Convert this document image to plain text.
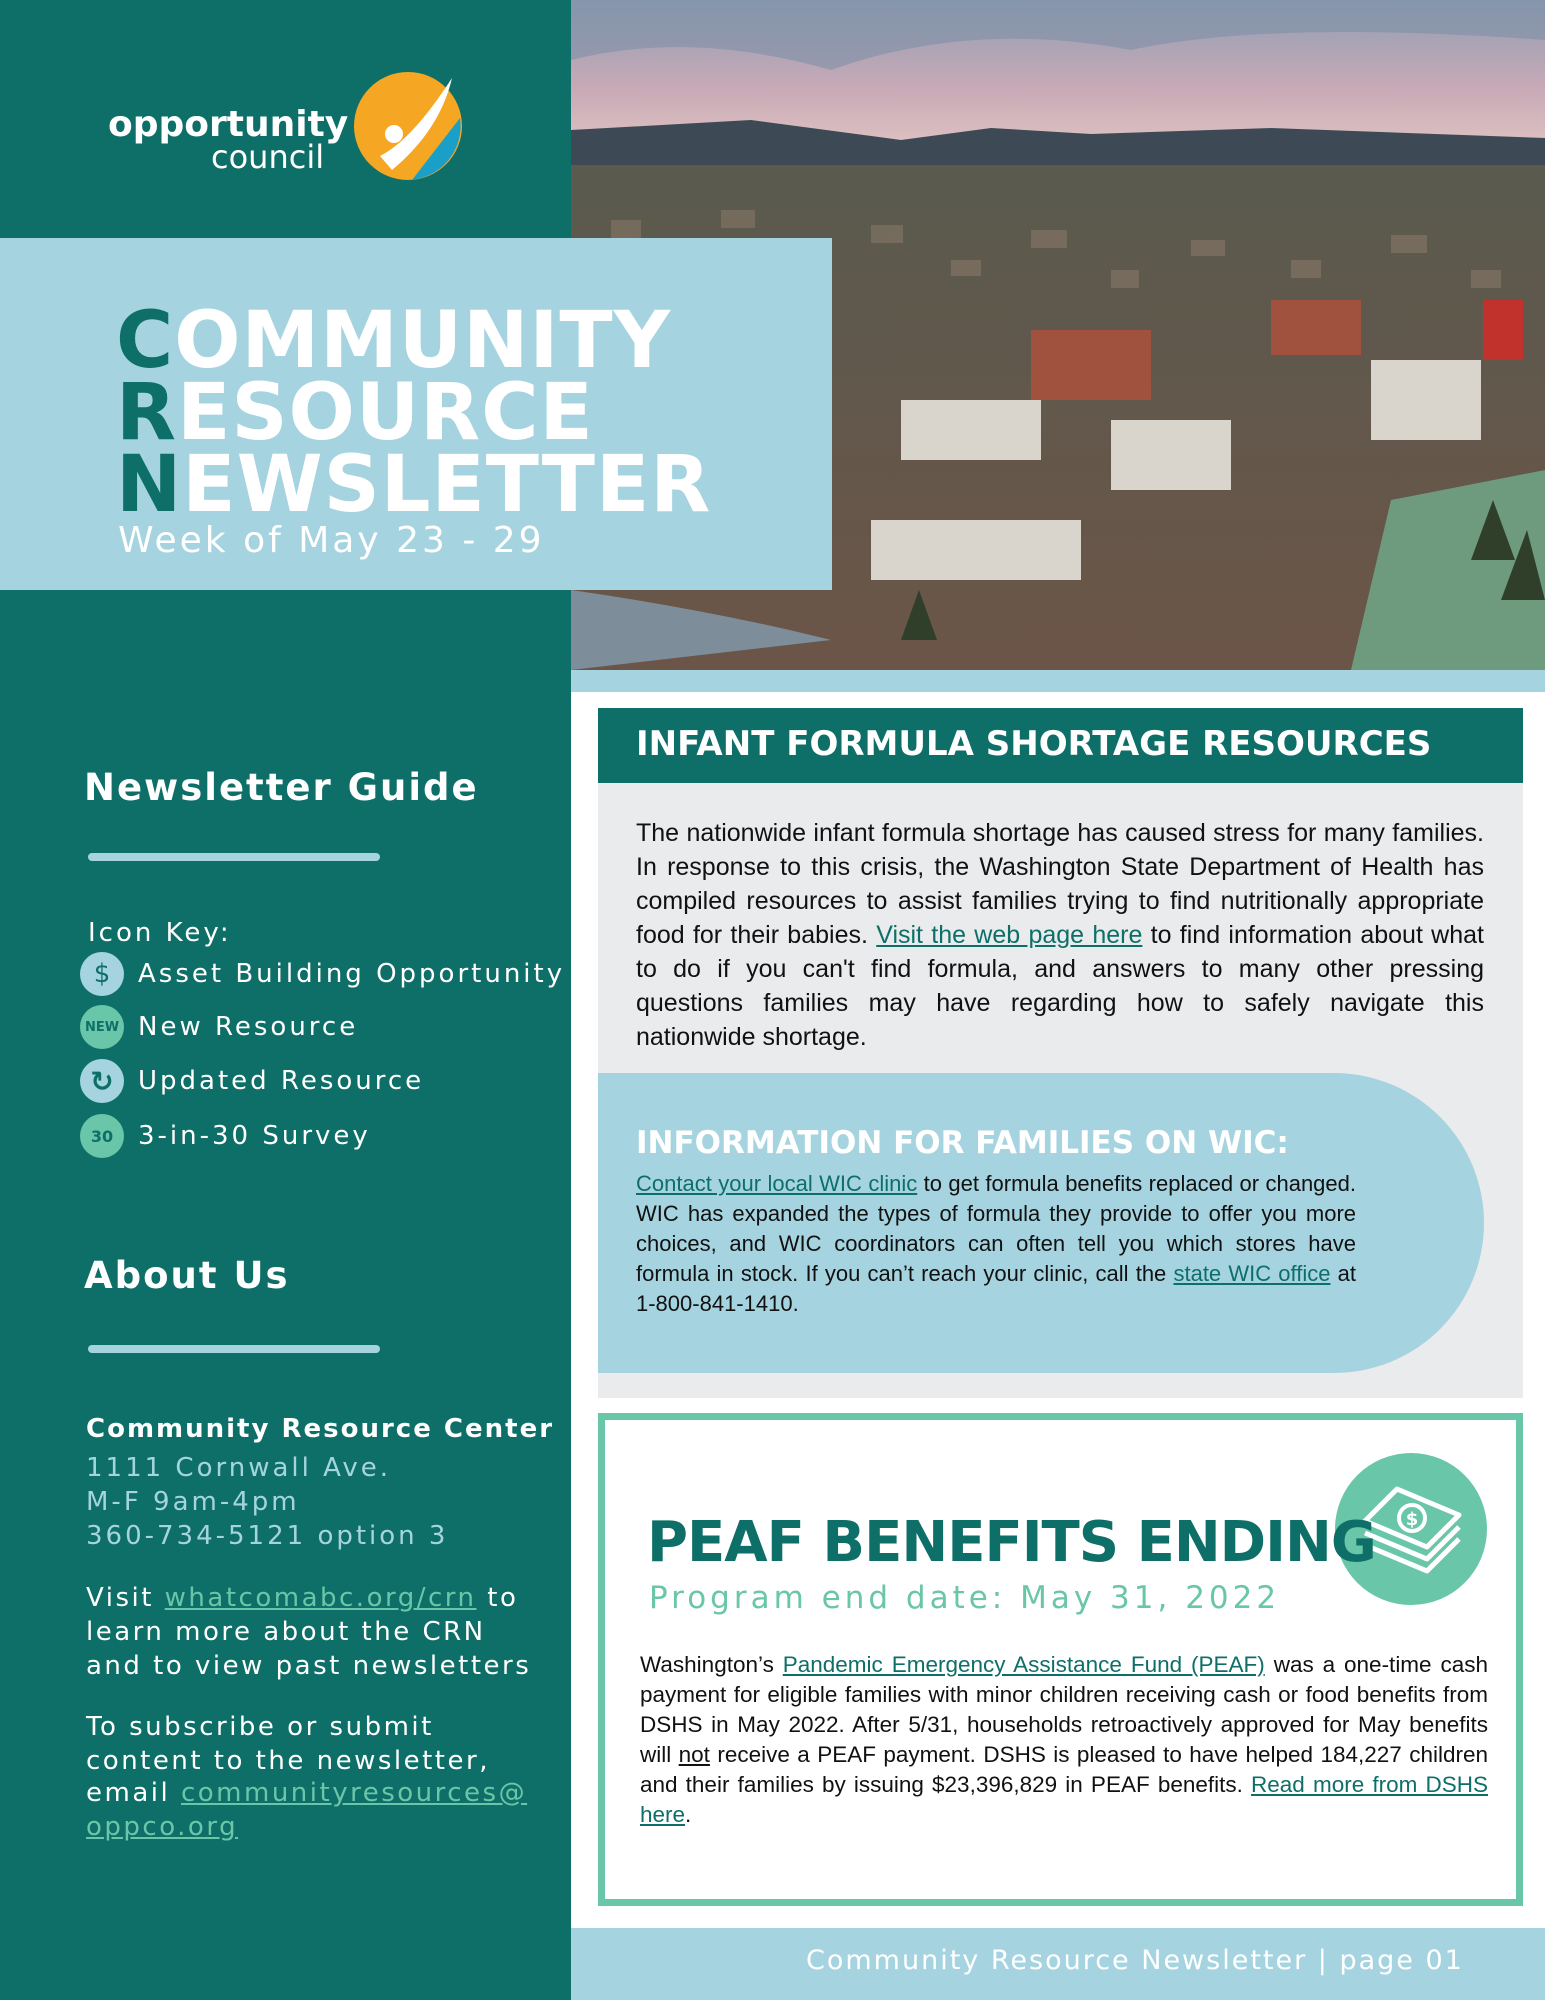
opportunity
council
Newsletter Guide
Icon Key:
$	Asset Building Opportunity
NEW New Resource
↻ Updated Resource
30 3-in-30 Survey
About Us
Community Resource Center
1111 Cornwall Ave.
M-F 9am-4pm
360-734-5121 option 3
Visit whatcomabc.org/crn to
learn more about the CRN
and to view past newsletters
To subscribe or submit
content to the newsletter,
email communityresources@
oppco.org
COMMUNITY
RESOURCE
NEWSLETTER
Week of May 23 - 29
INFANT FORMULA SHORTAGE RESOURCES

The nationwide infant formula shortage has caused stress for many families. In response to this crisis, the Washington State Department of Health has compiled resources to assist families trying to find nutritionally appropriate food for their babies. Visit the web page here to find information about what to do if you can't find formula, and answers to many other pressing questions families may have regarding how to safely navigate this nationwide shortage.

INFORMATION FOR FAMILIES ON WIC:

Contact your local WIC clinic to get formula benefits replaced or changed. WIC has expanded the types of formula they provide to offer you more choices, and WIC coordinators can often tell you which stores have formula in stock. If you can’t reach your clinic, call the state WIC office at 1-800-841-1410.

$
PEAF BENEFITS ENDING
Program end date: May 31, 2022

Washington’s Pandemic Emergency Assistance Fund (PEAF) was a one-time cash payment for eligible families with minor children receiving cash or food benefits from DSHS in May 2022. After 5/31, households retroactively approved for May benefits will not receive a PEAF payment. DSHS is pleased to have helped 184,227 children and their families by issuing $23,396,829 in PEAF benefits. Read more from DSHS here.

Community Resource Newsletter | page 01
